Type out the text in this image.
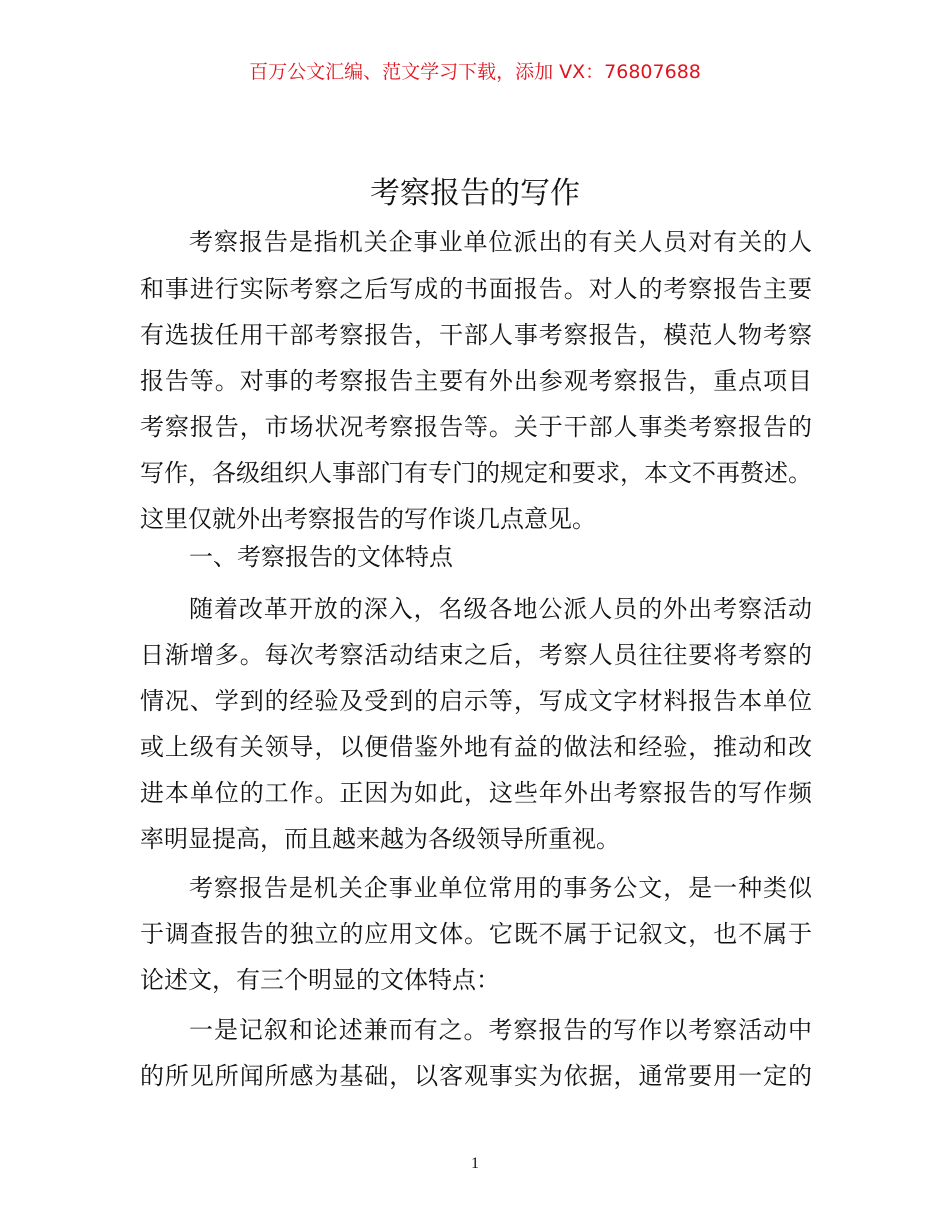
百万公文汇编、范文学习下载，添加 VX：76807688
考察报告的写作
考察报告是指机关企事业单位派出的有关人员对有关的人
和事进行实际考察之后写成的书面报告。对人的考察报告主要
有选拔任用干部考察报告，干部人事考察报告，模范人物考察
报告等。对事的考察报告主要有外出参观考察报告，重点项目
考察报告，市场状况考察报告等。关于干部人事类考察报告的
写作，各级组织人事部门有专门的规定和要求，本文不再赘述。
这里仅就外出考察报告的写作谈几点意见。
一、考察报告的文体特点
随着改革开放的深入，名级各地公派人员的外出考察活动
日渐增多。每次考察活动结束之后，考察人员往往要将考察的
情况、学到的经验及受到的启示等，写成文字材料报告本单位
或上级有关领导，以便借鉴外地有益的做法和经验，推动和改
进本单位的工作。正因为如此，这些年外出考察报告的写作频
率明显提高，而且越来越为各级领导所重视。
考察报告是机关企事业单位常用的事务公文，是一种类似
于调查报告的独立的应用文体。它既不属于记叙文，也不属于
论述文，有三个明显的文体特点：
一是记叙和论述兼而有之。考察报告的写作以考察活动中
的所见所闻所感为基础，以客观事实为依据，通常要用一定的
1
